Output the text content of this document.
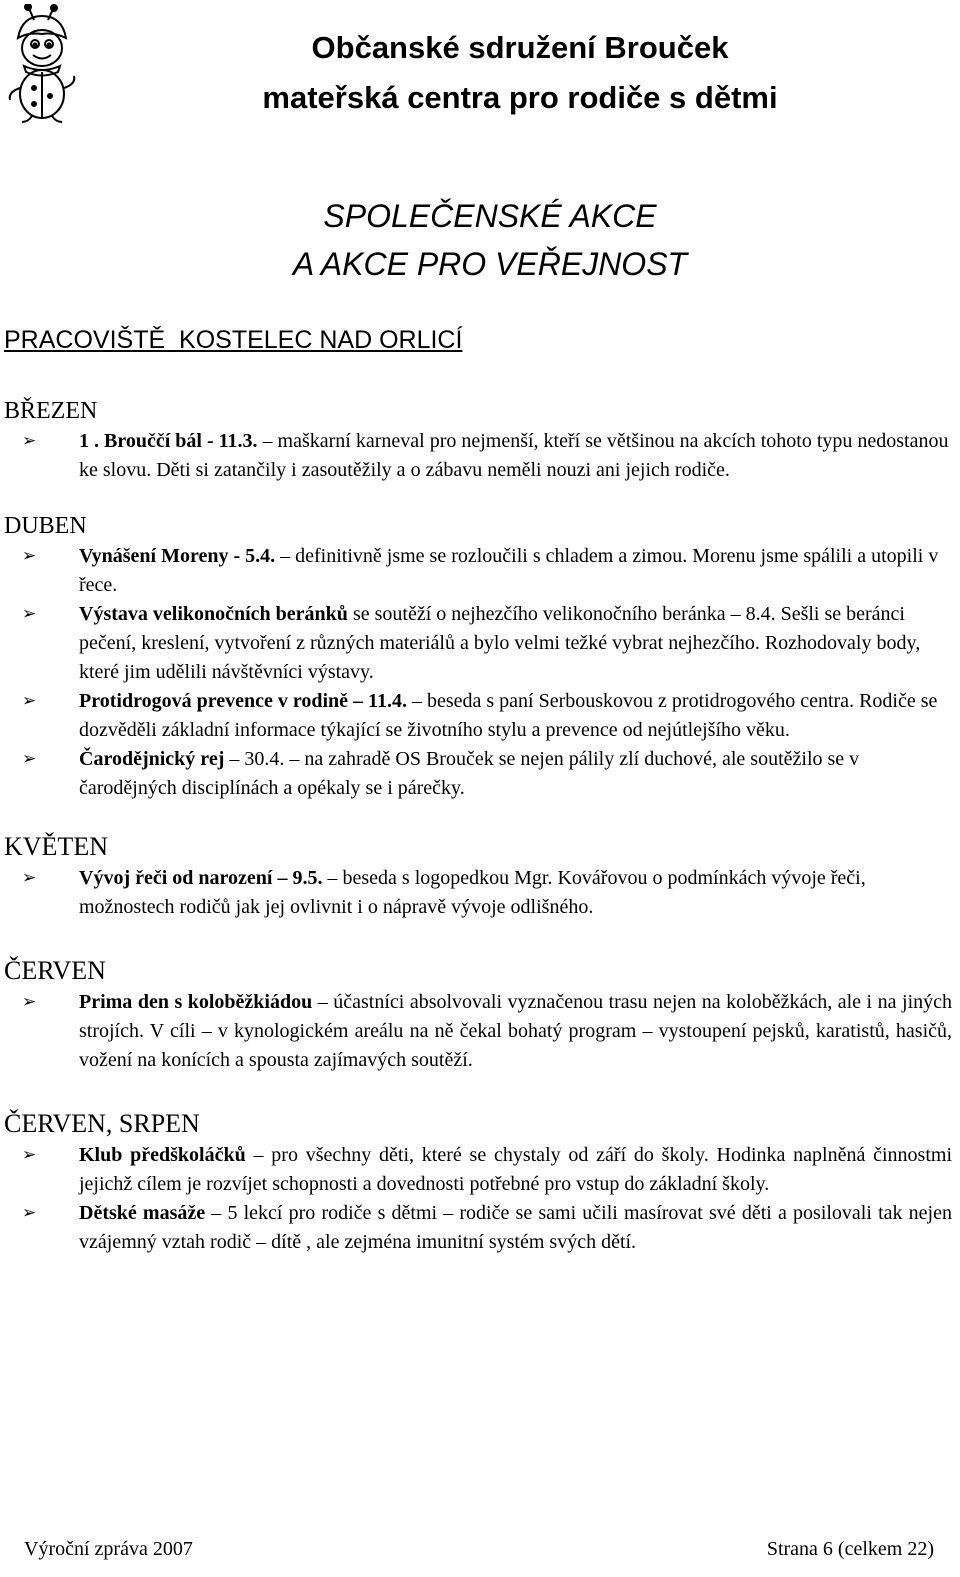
Občanské sdružení Brouček
mateřská centra pro rodiče s dětmi
SPOLEČENSKÉ AKCE
A AKCE PRO VEŘEJNOST
PRACOVIŠTĚ  KOSTELEC NAD ORLICÍ

BŘEZEN

➢ 1 . Brouččí bál - 11.3. – maškarní karneval pro nejmenší, kteří se většinou na akcích tohoto typu nedostanou ke slovu. Děti si zatančily i zasoutěžily a o zábavu neměli nouzi ani jejich rodiče.

DUBEN

➢ Vynášení Moreny - 5.4. – definitivně jsme se rozloučili s chladem a zimou. Morenu jsme spálili a utopili v řece.
➢ Výstava velikonočních beránků se soutěží o nejhezčího velikonočního beránka – 8.4. Sešli se beránci pečení, kreslení, vytvoření z různých materiálů a bylo velmi težké vybrat nejhezčího. Rozhodovaly body, které jim udělili návštěvníci výstavy.
➢ Protidrogová prevence v rodině – 11.4. – beseda s paní Serbouskovou z protidrogového centra. Rodiče se dozvěděli základní informace týkající se životního stylu a prevence od nejútlejšího věku.
➢ Čarodějnický rej – 30.4. – na zahradě OS Brouček se nejen pálily zlí duchové, ale soutěžilo se v čarodějných disciplínách a opékaly se i párečky.

KVĚTEN

➢ Vývoj řeči od narození – 9.5. – beseda s logopedkou Mgr. Kovářovou o podmínkách vývoje řeči, možnostech rodičů jak jej ovlivnit i o nápravě vývoje odlišného.

ČERVEN

➢ Prima den s koloběžkiádou – účastníci absolvovali vyznačenou trasu nejen na koloběžkách, ale i na jiných strojích. V cíli – v kynologickém areálu na ně čekal bohatý program – vystoupení pejsků, karatistů, hasičů, vožení na konících a spousta zajímavých soutěží.

ČERVEN, SRPEN

➢ Klub předškoláčků – pro všechny děti, které se chystaly od září do školy. Hodinka naplněná činnostmi jejichž cílem je rozvíjet schopnosti a dovednosti potřebné pro vstup do základní školy.
➢ Dětské masáže – 5 lekcí pro rodiče s dětmi – rodiče se sami učili masírovat své děti a posilovali tak nejen vzájemný vztah rodič – dítě , ale zejména imunitní systém svých dětí.
Výroční zpráva 2007	Strana 6 (celkem 22)
